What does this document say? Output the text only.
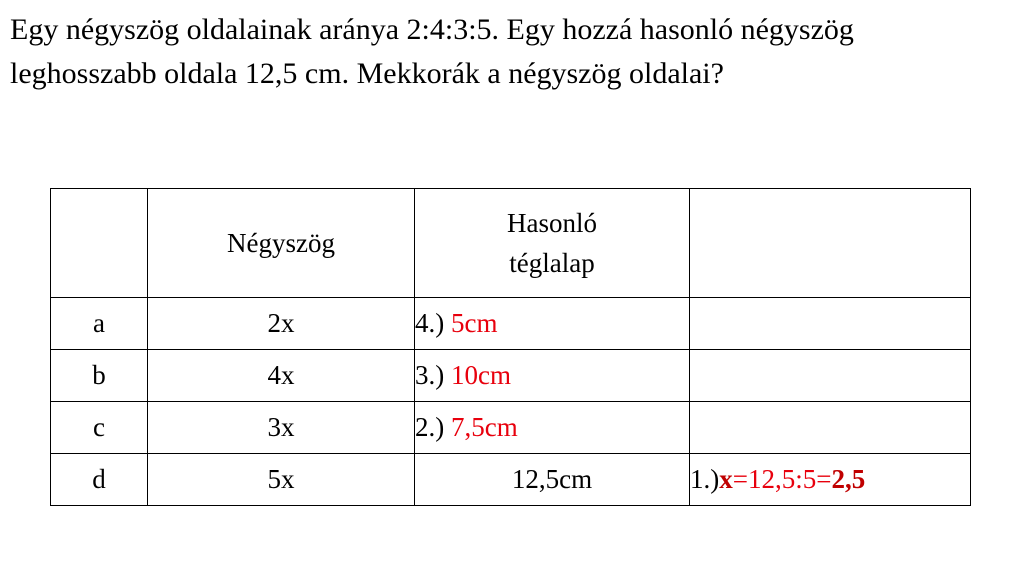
Egy négyszög oldalainak aránya 2:4:3:5. Egy hozzá hasonló négyszög leghosszabb oldala 12,5 cm. Mekkorák a négyszög oldalai?

	Négyszög	Hasonló
téglalap	

a	2x	4.) 5cm	
b	4x	3.) 10cm	
c	3x	2.) 7,5cm	
d	5x	12,5cm	1.)x=12,5:5=2,5
